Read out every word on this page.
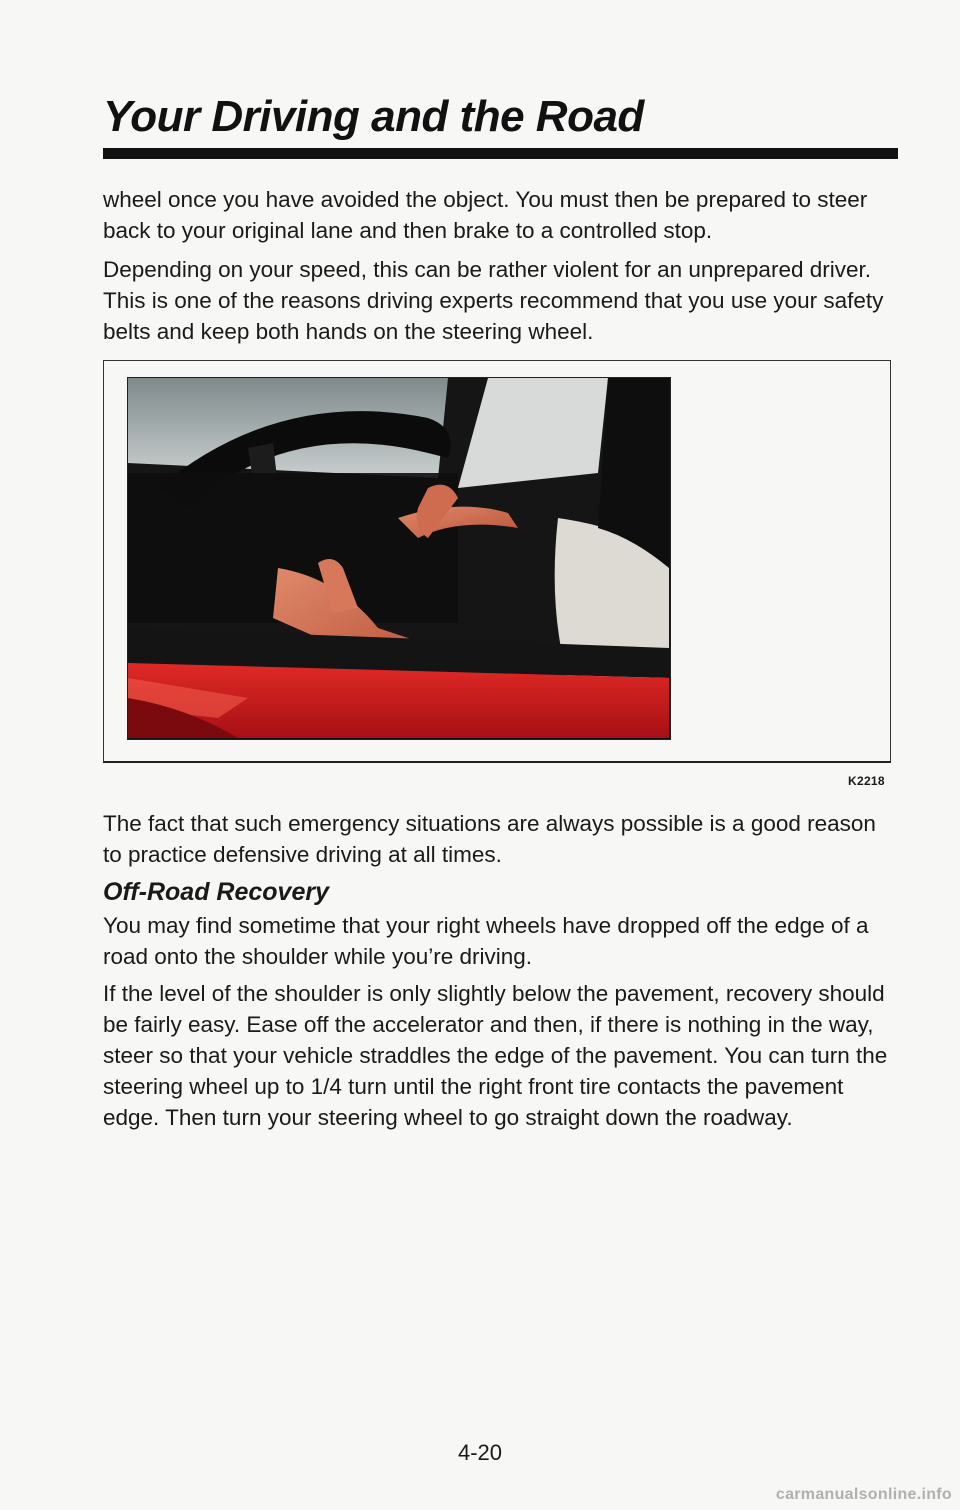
Your Driving and the Road

wheel once you have avoided the object. You must then be prepared to steer back to your original lane and then brake to a controlled stop.

Depending on your speed, this can be rather violent for an unprepared driver. This is one of the reasons driving experts recommend that you use your safety belts and keep both hands on the steering wheel.

K2218

The fact that such emergency situations are always possible is a good reason to practice defensive driving at all times.

Off-Road Recovery

You may find sometime that your right wheels have dropped off the edge of a road onto the shoulder while you’re driving.

If the level of the shoulder is only slightly below the pavement, recovery should be fairly easy. Ease off the accelerator and then, if there is nothing in the way, steer so that your vehicle straddles the edge of the pavement. You can turn the steering wheel up to 1/4 turn until the right front tire contacts the pavement edge. Then turn your steering wheel to go straight down the roadway.

4-20
carmanualsonline.info
